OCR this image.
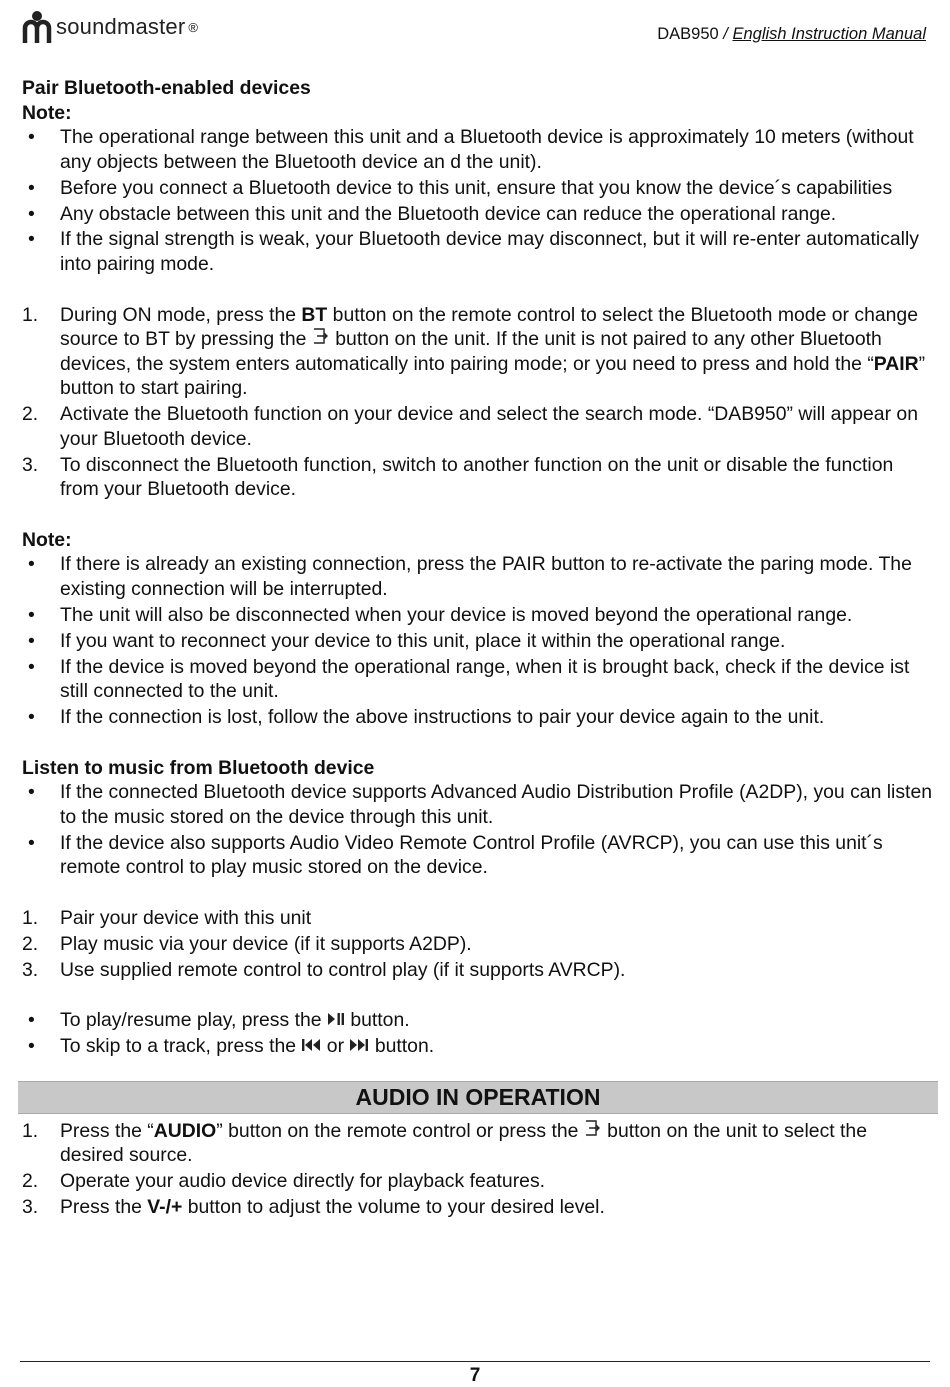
soundmaster ®	DAB950 / English Instruction Manual

Pair Bluetooth-enabled devices

Note:

•	The operational range between this unit and a Bluetooth device is approximately 10 meters (without any objects between the Bluetooth device an d the unit).
•	Before you connect a Bluetooth device to this unit, ensure that you know the device´s capabilities
•	Any obstacle between this unit and the Bluetooth device can reduce the operational range.
•	If the signal strength is weak, your Bluetooth device may disconnect, but it will re-enter automatically into pairing mode.
1.	During ON mode, press the BT button on the remote control to select the Bluetooth mode or change source to BT by pressing the  button on the unit. If the unit is not paired to any other Bluetooth devices, the system enters automatically into pairing mode; or you need to press and hold the “PAIR” button to start pairing.
2.	Activate the Bluetooth function on your device and select the search mode. “DAB950” will appear on your Bluetooth device.
3.	To disconnect the Bluetooth function, switch to another function on the unit or disable the function from your Bluetooth device.

Note:

•	If there is already an existing connection, press the PAIR button to re-activate the paring mode. The existing connection will be interrupted.
•	The unit will also be disconnected when your device is moved beyond the operational range.
•	If you want to reconnect your device to this unit, place it within the operational range.
•	If the device is moved beyond the operational range, when it is brought back, check if the device ist still connected to the unit.
•	If the connection is lost, follow the above instructions to pair your device again to the unit.

Listen to music from Bluetooth device

•	If the connected Bluetooth device supports Advanced Audio Distribution Profile (A2DP), you can listen to the music stored on the device through this unit.
•	If the device also supports Audio Video Remote Control Profile (AVRCP), you can use this unit´s remote control to play music stored on the device.
1.	Pair your device with this unit
2.	Play music via your device (if it supports A2DP).
3.	Use supplied remote control to control play (if it supports AVRCP).
•	To play/resume play, press the  button.
•	To skip to a track, press the  or  button.
AUDIO IN OPERATION
1.	Press the “AUDIO” button on the remote control or press the  button on the unit to select the desired source.
2.	Operate your audio device directly for playback features.
3.	Press the V-/+ button to adjust the volume to your desired level.
7
